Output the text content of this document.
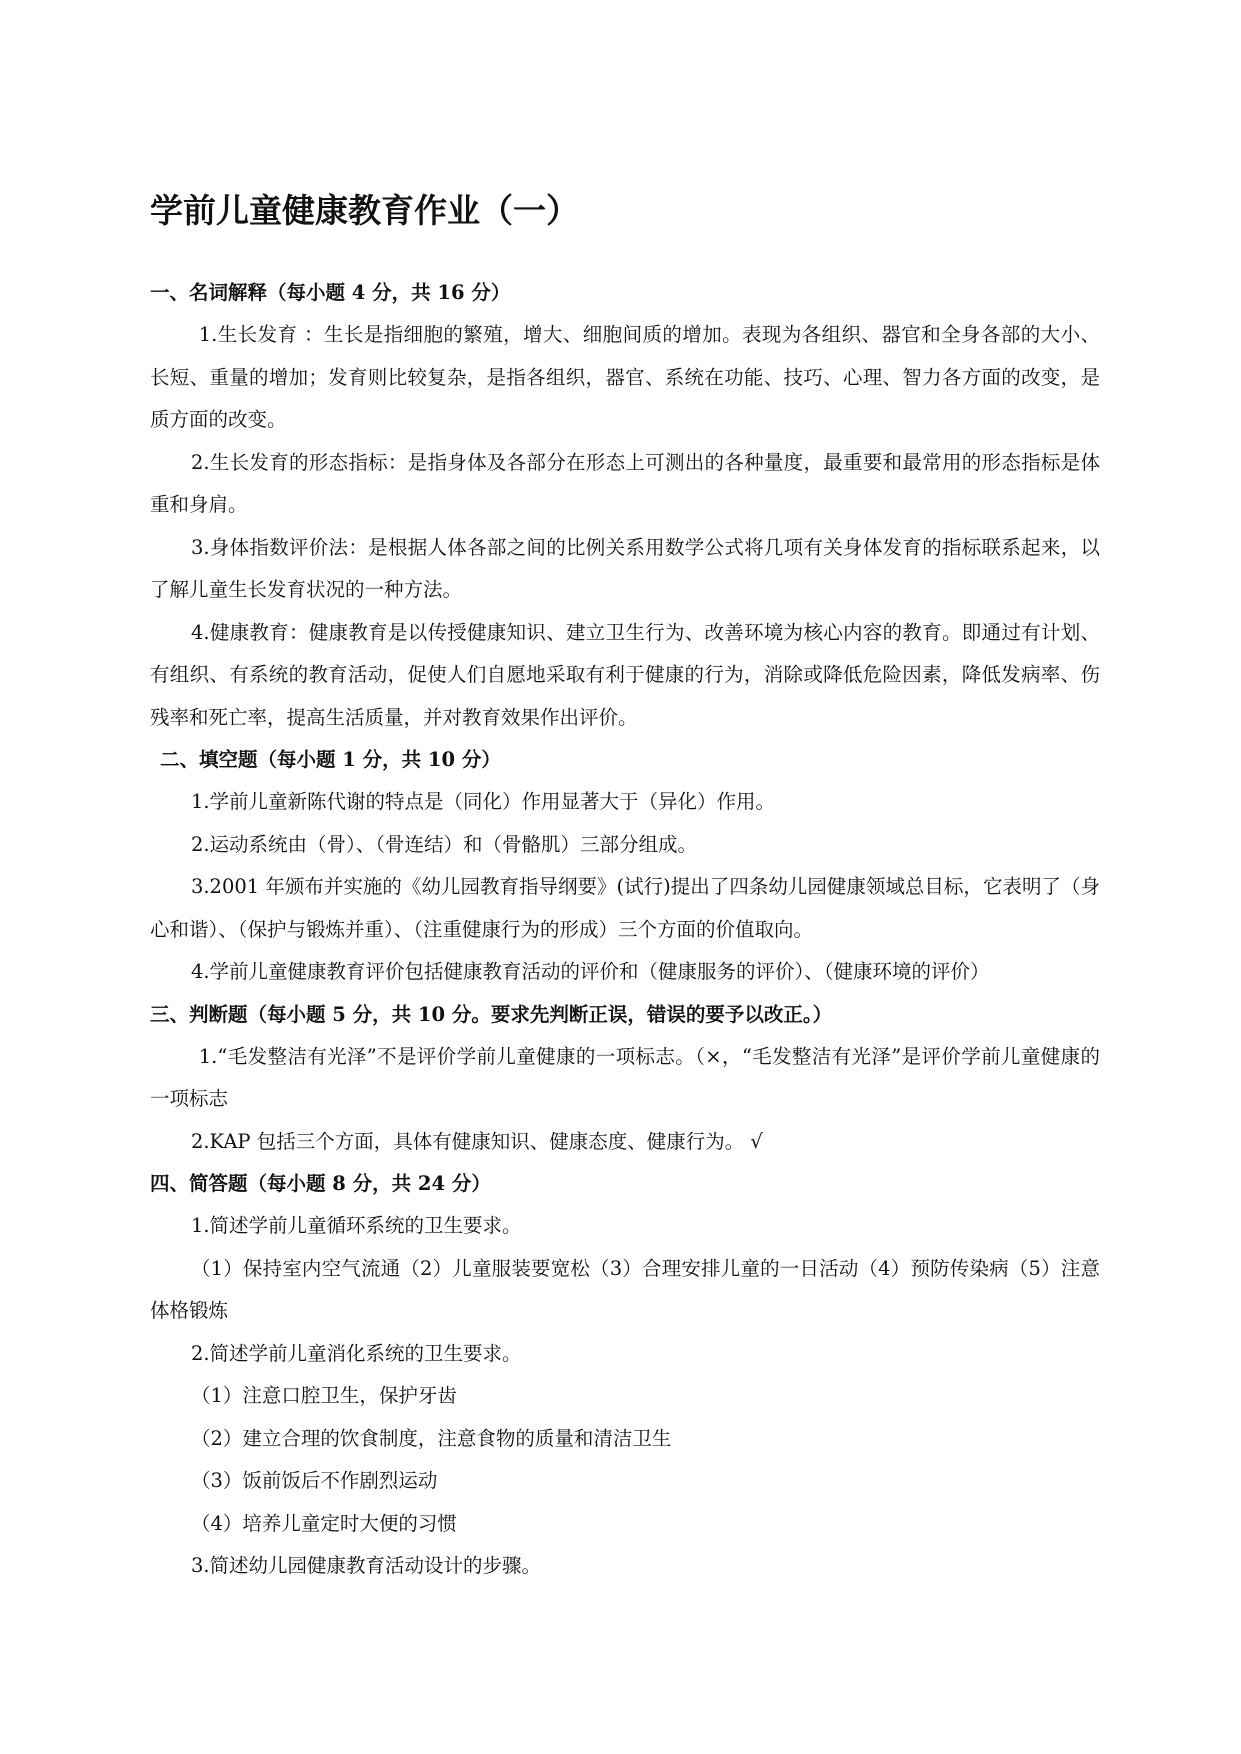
学前儿童健康教育作业（一）

一、名词解释（每小题 4 分，共 16 分）

1.生长发育 ：生长是指细胞的繁殖，增大、细胞间质的增加。表现为各组织、器官和全身各部的大小、长短、重量的增加；发育则比较复杂，是指各组织，器官、系统在功能、技巧、心理、智力各方面的改变，是质方面的改变。

2.生长发育的形态指标：是指身体及各部分在形态上可测出的各种量度，最重要和最常用的形态指标是体重和身肩。

3.身体指数评价法：是根据人体各部之间的比例关系用数学公式将几项有关身体发育的指标联系起来，以了解儿童生长发育状况的一种方法。

4.健康教育：健康教育是以传授健康知识、建立卫生行为、改善环境为核心内容的教育。即通过有计划、有组织、有系统的教育活动，促使人们自愿地采取有利于健康的行为，消除或降低危险因素，降低发病率、伤残率和死亡率，提高生活质量，并对教育效果作出评价。

二、填空题（每小题 1 分，共 10 分）

1.学前儿童新陈代谢的特点是（同化）作用显著大于（异化）作用。

2.运动系统由（骨）、（骨连结）和（骨骼肌）三部分组成。

3.2001 年颁布并实施的《幼儿园教育指导纲要》(试行)提出了四条幼儿园健康领域总目标，它表明了（身心和谐）、（保护与锻炼并重）、（注重健康行为的形成）三个方面的价值取向。

4.学前儿童健康教育评价包括健康教育活动的评价和（健康服务的评价）、（健康环境的评价）

三、判断题（每小题 5 分，共 10 分。要求先判断正误，错误的要予以改正。）

1.“毛发整洁有光泽”不是评价学前儿童健康的一项标志。（×，“毛发整洁有光泽”是评价学前儿童健康的一项标志

2.KAP 包括三个方面，具体有健康知识、健康态度、健康行为。 √

四、简答题（每小题 8 分，共 24 分）

1.简述学前儿童循环系统的卫生要求。

（1）保持室内空气流通（2）儿童服装要宽松（3）合理安排儿童的一日活动（4）预防传染病（5）注意体格锻炼

2.简述学前儿童消化系统的卫生要求。

（1）注意口腔卫生，保护牙齿

（2）建立合理的饮食制度，注意食物的质量和清洁卫生

（3）饭前饭后不作剧烈运动

（4）培养儿童定时大便的习惯

3.简述幼儿园健康教育活动设计的步骤。
